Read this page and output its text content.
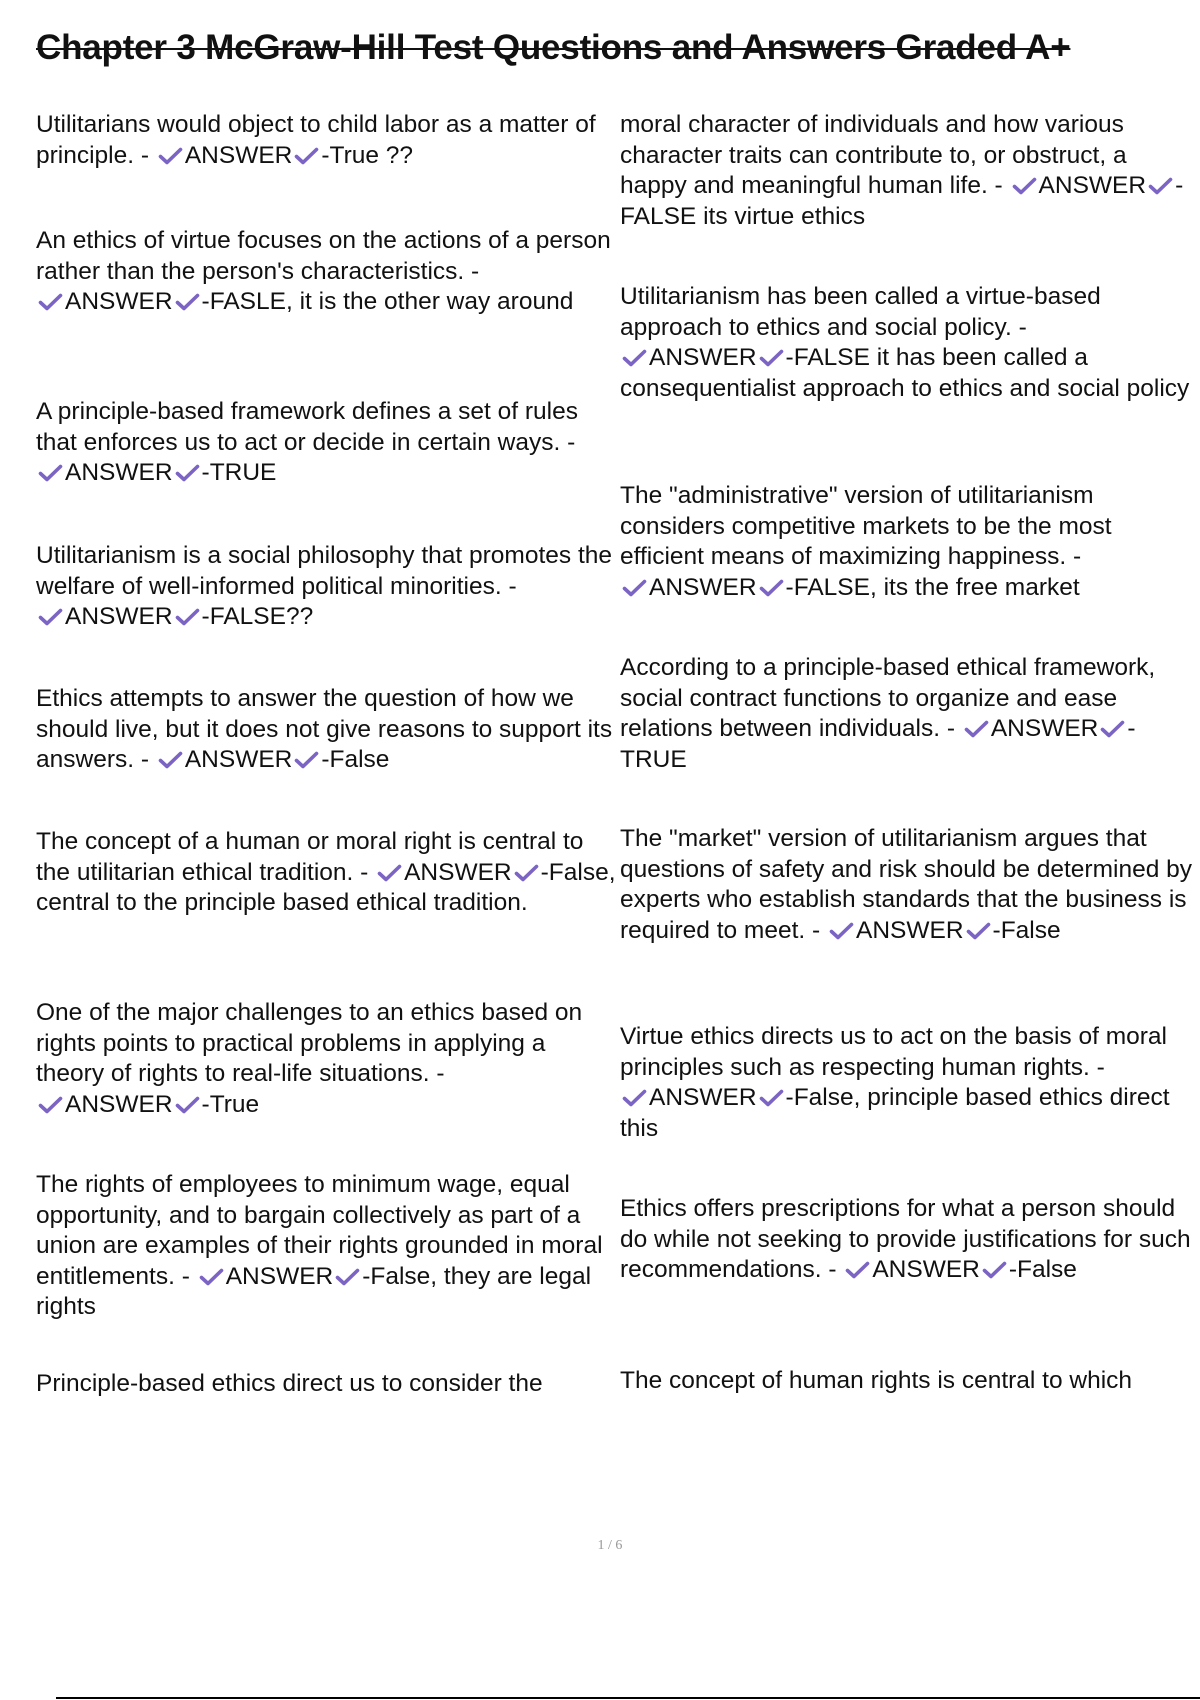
Chapter 3 McGraw-Hill Test Questions and Answers Graded A+

Utilitarians would object to child labor as a matter of principle. - ANSWER -True ??

An ethics of virtue focuses on the actions of a person rather than the person's characteristics. - ANSWER -FASLE, it is the other way around

A principle-based framework defines a set of rules that enforces us to act or decide in certain ways. - ANSWER -TRUE

Utilitarianism is a social philosophy that promotes the welfare of well-informed political minorities. - ANSWER -FALSE??

Ethics attempts to answer the question of how we should live, but it does not give reasons to support its answers. - ANSWER -False

The concept of a human or moral right is central to the utilitarian ethical tradition. - ANSWER -False, central to the principle based ethical tradition.

One of the major challenges to an ethics based on rights points to practical problems in applying a theory of rights to real-life situations. - ANSWER -True

The rights of employees to minimum wage, equal opportunity, and to bargain collectively as part of a union are examples of their rights grounded in moral entitlements. - ANSWER -False, they are legal rights

Principle-based ethics direct us to consider the

moral character of individuals and how various character traits can contribute to, or obstruct, a happy and meaningful human life. - ANSWER -FALSE its virtue ethics

Utilitarianism has been called a virtue-based approach to ethics and social policy. - ANSWER -FALSE it has been called a consequentialist approach to ethics and social policy

The "administrative" version of utilitarianism considers competitive markets to be the most efficient means of maximizing happiness. - ANSWER -FALSE, its the free market

According to a principle-based ethical framework, social contract functions to organize and ease relations between individuals. - ANSWER -TRUE

The "market" version of utilitarianism argues that questions of safety and risk should be determined by experts who establish standards that the business is required to meet. - ANSWER -False

Virtue ethics directs us to act on the basis of moral principles such as respecting human rights. - ANSWER -False, principle based ethics direct this

Ethics offers prescriptions for what a person should do while not seeking to provide justifications for such recommendations. - ANSWER -False

The concept of human rights is central to which

1 / 6
